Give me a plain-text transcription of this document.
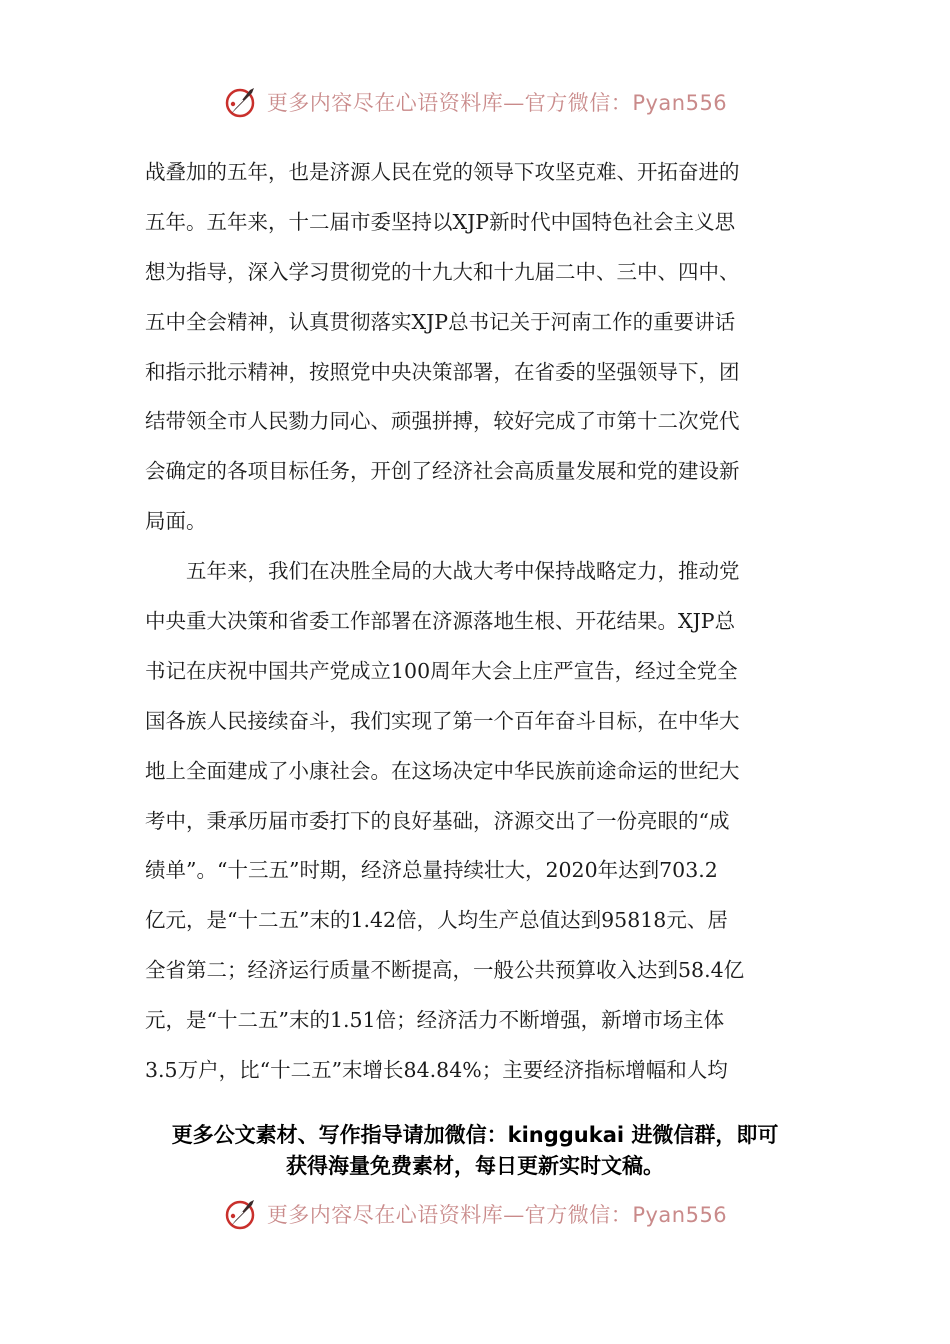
更多内容尽在心语资料库—官方微信：Pyan556
战叠加的五年，也是济源人民在党的领导下攻坚克难、开拓奋进的
五年。五年来，十二届市委坚持以XJP新时代中国特色社会主义思
想为指导，深入学习贯彻党的十九大和十九届二中、三中、四中、
五中全会精神，认真贯彻落实XJP总书记关于河南工作的重要讲话
和指示批示精神，按照党中央决策部署，在省委的坚强领导下，团
结带领全市人民勠力同心、顽强拼搏，较好完成了市第十二次党代
会确定的各项目标任务，开创了经济社会高质量发展和党的建设新
局面。
　　五年来，我们在决胜全局的大战大考中保持战略定力，推动党
中央重大决策和省委工作部署在济源落地生根、开花结果。XJP总
书记在庆祝中国共产党成立100周年大会上庄严宣告，经过全党全
国各族人民接续奋斗，我们实现了第一个百年奋斗目标，在中华大
地上全面建成了小康社会。在这场决定中华民族前途命运的世纪大
考中，秉承历届市委打下的良好基础，济源交出了一份亮眼的“成
绩单”。“十三五”时期，经济总量持续壮大，2020年达到703.2
亿元，是“十二五”末的1.42倍，人均生产总值达到95818元、居
全省第二；经济运行质量不断提高，一般公共预算收入达到58.4亿
元，是“十二五”末的1.51倍；经济活力不断增强，新增市场主体
3.5万户，比“十二五”末增长84.84%；主要经济指标增幅和人均
更多公文素材、写作指导请加微信：kinggukai 进微信群，即可
获得海量免费素材，每日更新实时文稿。
更多内容尽在心语资料库—官方微信：Pyan556
